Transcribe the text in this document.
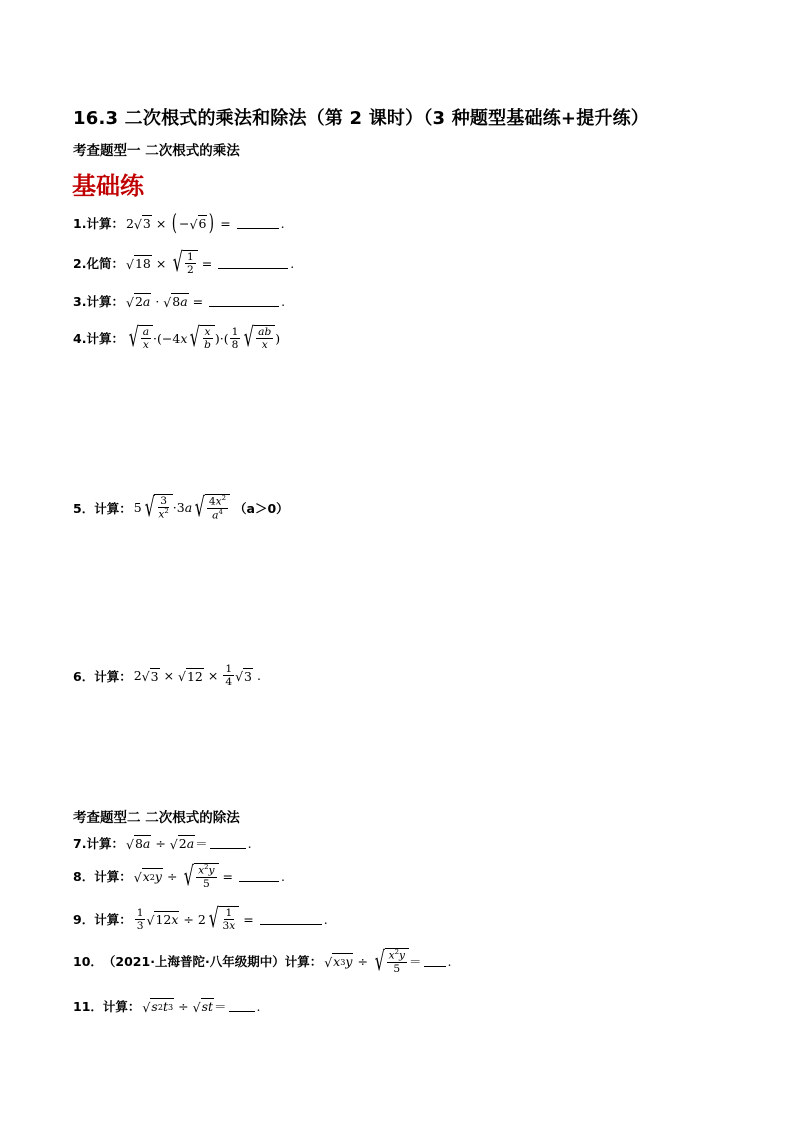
16.3 二次根式的乘法和除法（第 2 课时）（3 种题型基础练+提升练）
考查题型一 二次根式的乘法
基础练
1. 计算： 2 √ 3 × ( − √ 6 ) =	.
2. 化简： √ 18 × √ $\frac{1}{2}$ =	.
3. 计算： √ 2 a · √ 8 a =	.
4. 计算： √ $\frac{a}{x} \cdot(-4$ x √ $\frac{x}{b}$ )·( $\frac{1}{8}$ √ $\frac{ab}{x}$ )
5． 计算： 5 √ $\frac{3}{x^2} \cdot 3$ a √ $\frac{4x^2}{a^4} (a>0)$
6． 计算： 2 √ 3 × √ $12 \times \frac{1}{4}$ √ 3 .
考查题型二 二次根式的除法
7. 计算： √ 8 a ÷ √ 2 a ＝	.
8． 计算： √ x 2 y ÷ √ $\frac{x^2y}{5}$ =	.
9． 计算： $\frac{1}{3}$ √ 12 x ÷ 2 √ $\frac{1}{3x}$ =	.
10． （2021·上海普陀·八年级期中）计算： √ x 3 y ÷ √ $\frac{x^2y}{5}$ ＝ .
11． 计算： √ s 2 t 3 ÷ √ st ＝ .
